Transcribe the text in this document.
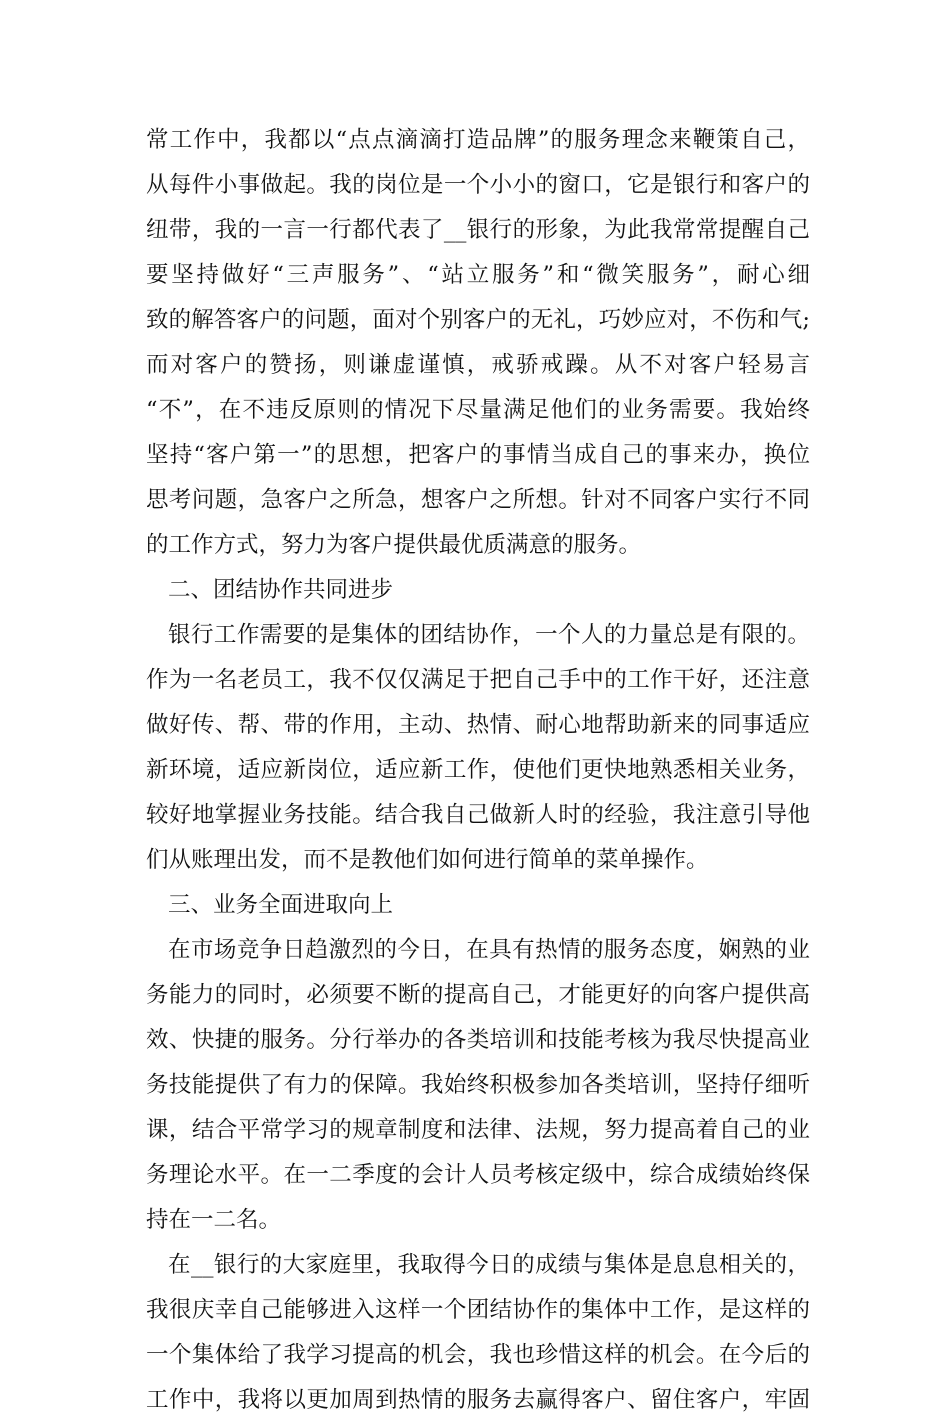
常工作中，我都以“点点滴滴打造品牌”的服务理念来鞭策自己，
从每件小事做起。我的岗位是一个小小的窗口，它是银行和客户的
纽带，我的一言一行都代表了__银行的形象，为此我常常提醒自己
要坚持做好“三声服务”、“站立服务”和“微笑服务”，耐心细
致的解答客户的问题，面对个别客户的无礼，巧妙应对，不伤和气;
而对客户的赞扬，则谦虚谨慎，戒骄戒躁。从不对客户轻易言
“不”，在不违反原则的情况下尽量满足他们的业务需要。我始终
坚持“客户第一”的思想，把客户的事情当成自己的事来办，换位
思考问题，急客户之所急，想客户之所想。针对不同客户实行不同
的工作方式，努力为客户提供最优质满意的服务。
二、团结协作共同进步
银行工作需要的是集体的团结协作，一个人的力量总是有限的。
作为一名老员工，我不仅仅满足于把自己手中的工作干好，还注意
做好传、帮、带的作用，主动、热情、耐心地帮助新来的同事适应
新环境，适应新岗位，适应新工作，使他们更快地熟悉相关业务，
较好地掌握业务技能。结合我自己做新人时的经验，我注意引导他
们从账理出发，而不是教他们如何进行简单的菜单操作。
三、业务全面进取向上
在市场竞争日趋激烈的今日，在具有热情的服务态度，娴熟的业
务能力的同时，必须要不断的提高自己，才能更好的向客户提供高
效、快捷的服务。分行举办的各类培训和技能考核为我尽快提高业
务技能提供了有力的保障。我始终积极参加各类培训，坚持仔细听
课，结合平常学习的规章制度和法律、法规，努力提高着自己的业
务理论水平。在一二季度的会计人员考核定级中，综合成绩始终保
持在一二名。
在__银行的大家庭里，我取得今日的成绩与集体是息息相关的，
我很庆幸自己能够进入这样一个团结协作的集体中工作，是这样的
一个集体给了我学习提高的机会，我也珍惜这样的机会。在今后的
工作中，我将以更加周到热情的服务去赢得客户、留住客户，牢固
